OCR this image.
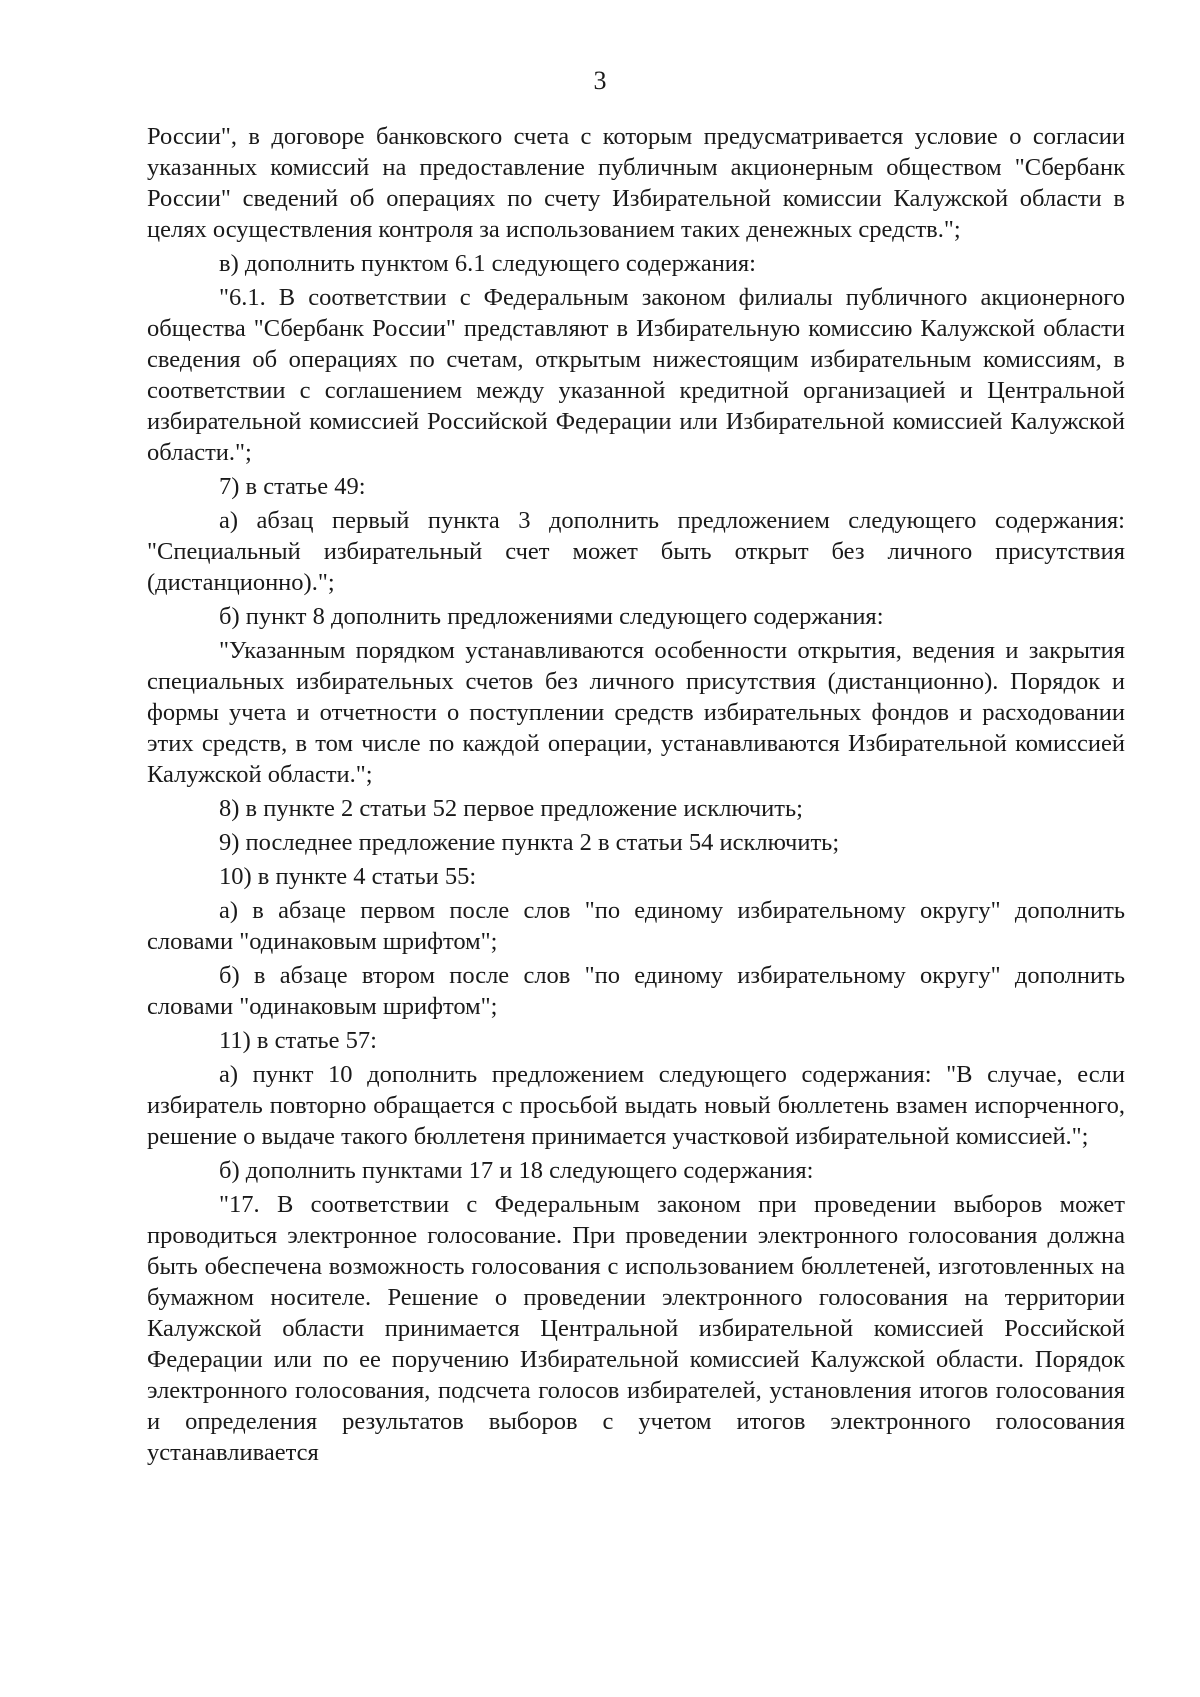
3

России", в договоре банковского счета с которым предусматривается условие о согласии указанных комиссий на предоставление публичным акционерным обществом "Сбербанк России" сведений об операциях по счету Избирательной комиссии Калужской области в целях осуществления контроля за использованием таких денежных средств.";

в) дополнить пунктом 6.1 следующего содержания:

"6.1. В соответствии с Федеральным законом филиалы публичного акционерного общества "Сбербанк России" представляют в Избирательную комиссию Калужской области сведения об операциях по счетам, открытым нижестоящим избирательным комиссиям, в соответствии с соглашением между указанной кредитной организацией и Центральной избирательной комиссией Российской Федерации или Избирательной комиссией Калужской области.";

7) в статье 49:

а) абзац первый пункта 3 дополнить предложением следующего содержания: "Специальный избирательный счет может быть открыт без личного присутствия (дистанционно).";

б) пункт 8 дополнить предложениями следующего содержания:

"Указанным порядком устанавливаются особенности открытия, ведения и закрытия специальных избирательных счетов без личного присутствия (дистанционно). Порядок и формы учета и отчетности о поступлении средств избирательных фондов и расходовании этих средств, в том числе по каждой операции, устанавливаются Избирательной комиссией Калужской области.";

8) в пункте 2 статьи 52 первое предложение исключить;

9) последнее предложение пункта 2 в статьи 54 исключить;

10) в пункте 4 статьи 55:

а) в абзаце первом после слов "по единому избирательному округу" дополнить словами "одинаковым шрифтом";

б) в абзаце втором после слов "по единому избирательному округу" дополнить словами "одинаковым шрифтом";

11) в статье 57:

а) пункт 10 дополнить предложением следующего содержания: "В случае, если избиратель повторно обращается с просьбой выдать новый бюллетень взамен испорченного, решение о выдаче такого бюллетеня принимается участковой избирательной комиссией.";

б) дополнить пунктами 17 и 18 следующего содержания:

"17. В соответствии с Федеральным законом при проведении выборов может проводиться электронное голосование. При проведении электронного голосования должна быть обеспечена возможность голосования с использованием бюллетеней, изготовленных на бумажном носителе. Решение о проведении электронного голосования на территории Калужской области принимается Центральной избирательной комиссией Российской Федерации или по ее поручению Избирательной комиссией Калужской области. Порядок электронного голосования, подсчета голосов избирателей, установления итогов голосования и определения результатов выборов с учетом итогов электронного голосования устанавливается
